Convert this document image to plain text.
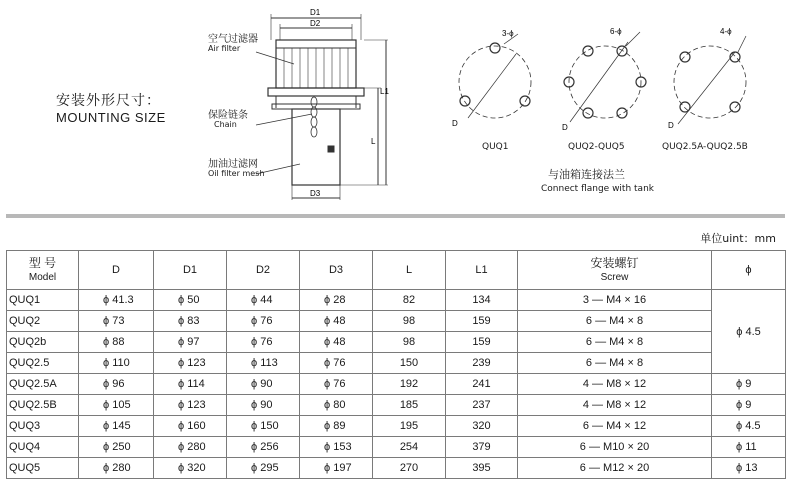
安装外形尺寸：
MOUNTING SIZE
D1
D2
D3
L
L1
空气过滤器
Air filter
保险链条
Chain
加油过滤网
Oil filter mesh
3-ϕ	6-ϕ	4-ϕ
D	D	D
QUQ1	QUQ2-QUQ5	QUQ2.5A-QUQ2.5B
与油箱连接法兰
Connect flange with tank
单位uint：mm
型 号
Model	D	D1	D2	D3	L	L1	安装螺钉
Screw	ϕ
QUQ1	ϕ 41.3	ϕ 50	ϕ 44	ϕ 28	82	134	3 — M4 × 16	ϕ 4.5
QUQ2	ϕ 73	ϕ 83	ϕ 76	ϕ 48	98	159	6 — M4 × 8	
QUQ2b	ϕ 88	ϕ 97	ϕ 76	ϕ 48	98	159	6 — M4 × 8	
QUQ2.5	ϕ 110	ϕ 123	ϕ 113	ϕ 76	150	239	6 — M4 × 8	
QUQ2.5A	ϕ 96	ϕ 114	ϕ 90	ϕ 76	192	241	4 — M8 × 12	ϕ 9
QUQ2.5B	ϕ 105	ϕ 123	ϕ 90	ϕ 80	185	237	4 — M8 × 12	ϕ 9
QUQ3	ϕ 145	ϕ 160	ϕ 150	ϕ 89	195	320	6 — M4 × 12	ϕ 4.5
QUQ4	ϕ 250	ϕ 280	ϕ 256	ϕ 153	254	379	6 — M10 × 20	ϕ 11
QUQ5	ϕ 280	ϕ 320	ϕ 295	ϕ 197	270	395	6 — M12 × 20	ϕ 13
